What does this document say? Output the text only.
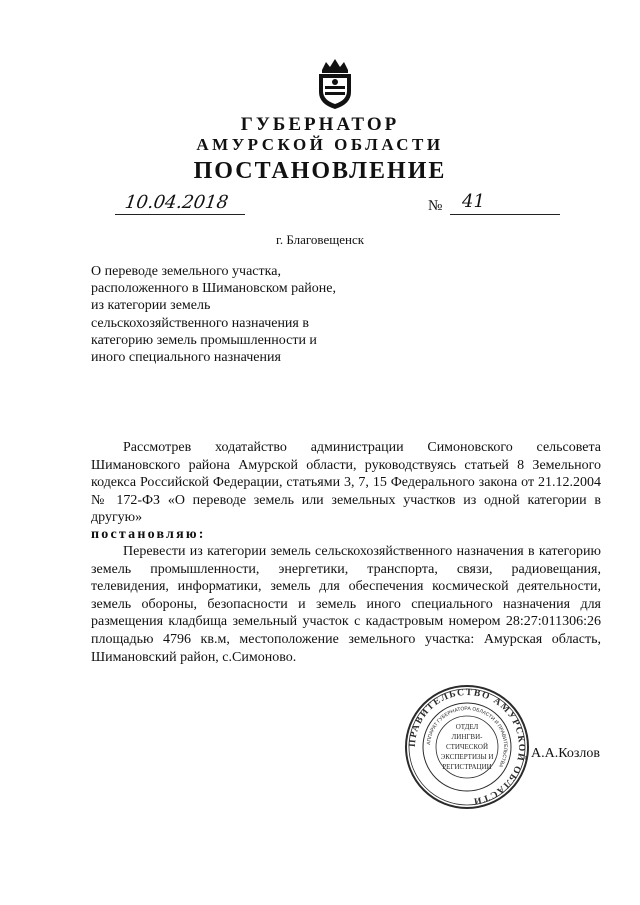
ГУБЕРНАТОР
АМУРСКОЙ ОБЛАСТИ
ПОСТАНОВЛЕНИЕ
10.04.2018	№ 41
г. Благовещенск
О переводе земельного участка, расположенного в Шимановском районе, из категории земель сельскохозяйственного назначения в категорию земель промышленности и иного специального назначения
Рассмотрев ходатайство администрации Симоновского сельсовета Шимановского района Амурской области, руководствуясь статьей 8 Земельного кодекса Российской Федерации, статьями 3, 7, 15 Федерального закона от 21.12.2004 № 172-ФЗ «О переводе земель или земельных участков из одной категории в другую»
постановляю:
Перевести из категории земель сельскохозяйственного назначения в категорию земель промышленности, энергетики, транспорта, связи, радиовещания, телевидения, информатики, земель для обеспечения космической деятельности, земель обороны, безопасности и земель иного специального назначения для размещения кладбища земельный участок с кадастровым номером 28:27:011306:26 площадью 4796 кв.м, местоположение земельного участка: Амурская область, Шимановский район, с.Симоново.
ПРАВИТЕЛЬСТВО АМУРСКОЙ ОБЛАСТИ
АППАРАТ ГУБЕРНАТОРА ОБЛАСТИ И ПРАВИТЕЛЬСТВА
ОТДЕЛ
ЛИНГВИ-
СТИЧЕСКОЙ
ЭКСПЕРТИЗЫ И
РЕГИСТРАЦИИ
А.А.Козлов
